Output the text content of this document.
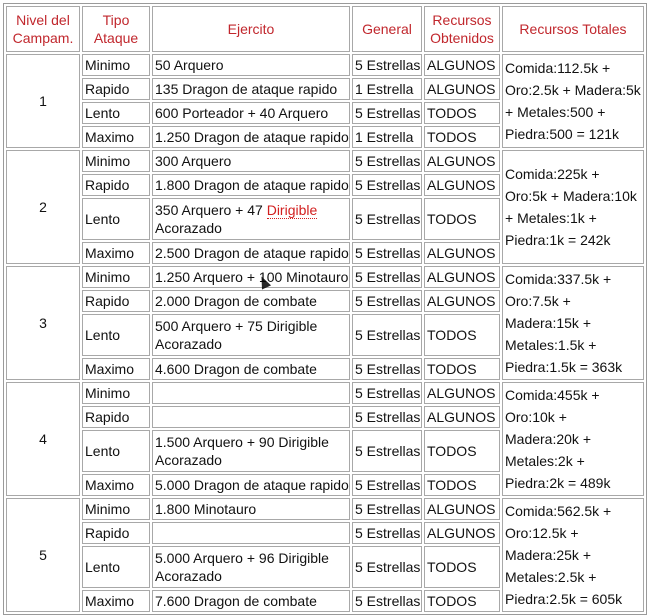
Nivel del Campam.	Tipo Ataque	Ejercito	General	Recursos Obtenidos	Recursos Totales
1	Minimo	50 Arquero	5 Estrellas	ALGUNOS	Comida:112.5k + Oro:2.5k + Madera:5k + Metales:500 + Piedra:500 = 121k
	Rapido	135 Dragon de ataque rapido	1 Estrella	ALGUNOS	
	Lento	600 Porteador + 40 Arquero	5 Estrellas	TODOS	
	Maximo	1.250 Dragon de ataque rapido	1 Estrella	TODOS	
2	Minimo	300 Arquero	5 Estrellas	ALGUNOS	Comida:225k + Oro:5k + Madera:10k + Metales:1k + Piedra:1k = 242k
	Rapido	1.800 Dragon de ataque rapido	5 Estrellas	ALGUNOS	
	Lento	350 Arquero + 47 Dirigible Acorazado	5 Estrellas	TODOS	
	Maximo	2.500 Dragon de ataque rapido	5 Estrellas	ALGUNOS	
3	Minimo	1.250 Arquero + 100 Minotauro	5 Estrellas	ALGUNOS	Comida:337.5k + Oro:7.5k + Madera:15k + Metales:1.5k + Piedra:1.5k = 363k
	Rapido	2.000 Dragon de combate	5 Estrellas	ALGUNOS	
	Lento	500 Arquero + 75 Dirigible Acorazado	5 Estrellas	TODOS	
	Maximo	4.600 Dragon de combate	5 Estrellas	TODOS	
4	Minimo		5 Estrellas	ALGUNOS	Comida:455k + Oro:10k + Madera:20k + Metales:2k + Piedra:2k = 489k
	Rapido		5 Estrellas	ALGUNOS	
	Lento	1.500 Arquero + 90 Dirigible Acorazado	5 Estrellas	TODOS	
	Maximo	5.000 Dragon de ataque rapido	5 Estrellas	TODOS	
5	Minimo	1.800 Minotauro	5 Estrellas	ALGUNOS	Comida:562.5k + Oro:12.5k + Madera:25k + Metales:2.5k + Piedra:2.5k = 605k
	Rapido		5 Estrellas	ALGUNOS	
	Lento	5.000 Arquero + 96 Dirigible Acorazado	5 Estrellas	TODOS	
	Maximo	7.600 Dragon de combate	5 Estrellas	TODOS	
